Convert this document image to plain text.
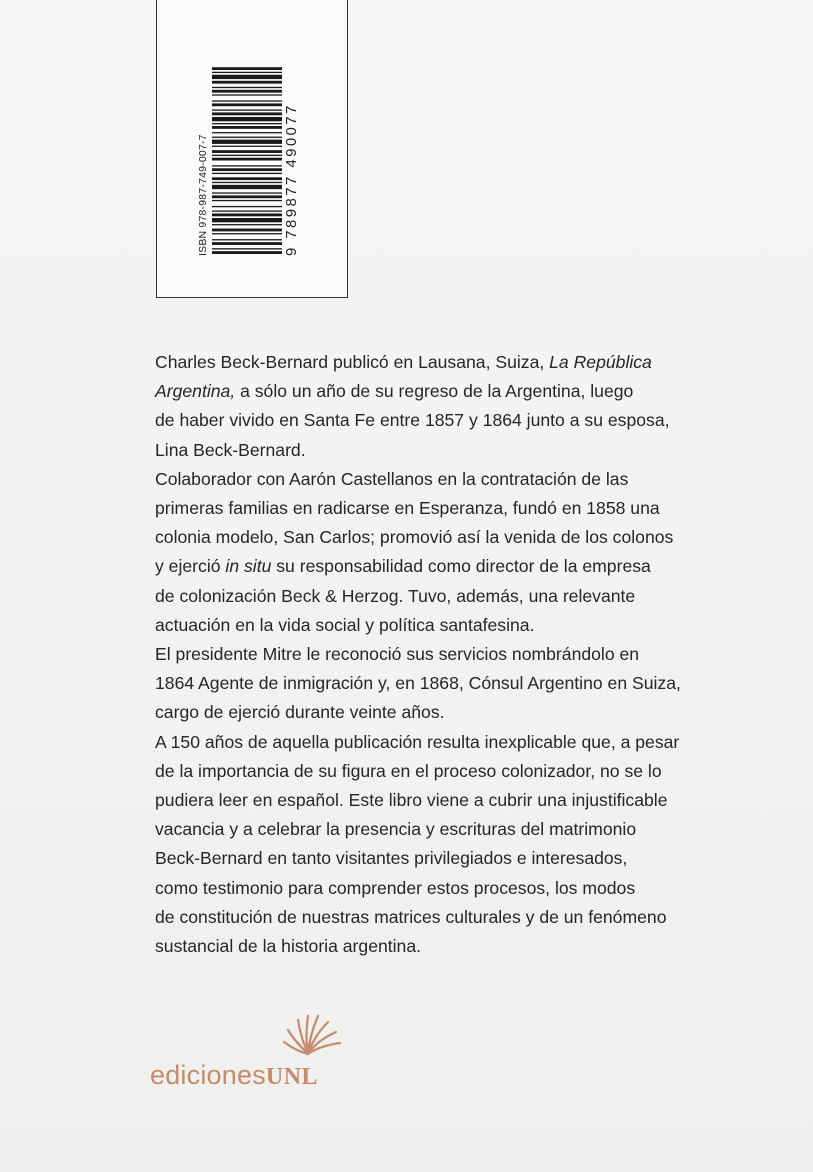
ISBN 978-987-749-007-7	9 789877 490077

Charles Beck-Bernard publicó en Lausana, Suiza, La República

Argentina, a sólo un año de su regreso de la Argentina, luego

de haber vivido en Santa Fe entre 1857 y 1864 junto a su esposa,

Lina Beck-Bernard.

Colaborador con Aarón Castellanos en la contratación de las

primeras familias en radicarse en Esperanza, fundó en 1858 una

colonia modelo, San Carlos; promovió así la venida de los colonos

y ejerció in situ su responsabilidad como director de la empresa

de colonización Beck & Herzog. Tuvo, además, una relevante

actuación en la vida social y política santafesina.

El presidente Mitre le reconoció sus servicios nombrándolo en

1864 Agente de inmigración y, en 1868, Cónsul Argentino en Suiza,

cargo de ejerció durante veinte años.

A 150 años de aquella publicación resulta inexplicable que, a pesar

de la importancia de su figura en el proceso colonizador, no se lo

pudiera leer en español. Este libro viene a cubrir una injustificable

vacancia y a celebrar la presencia y escrituras del matrimonio

Beck-Bernard en tanto visitantes privilegiados e interesados,

como testimonio para comprender estos procesos, los modos

de constitución de nuestras matrices culturales y de un fenómeno

sustancial de la historia argentina.

edicionesUNL
